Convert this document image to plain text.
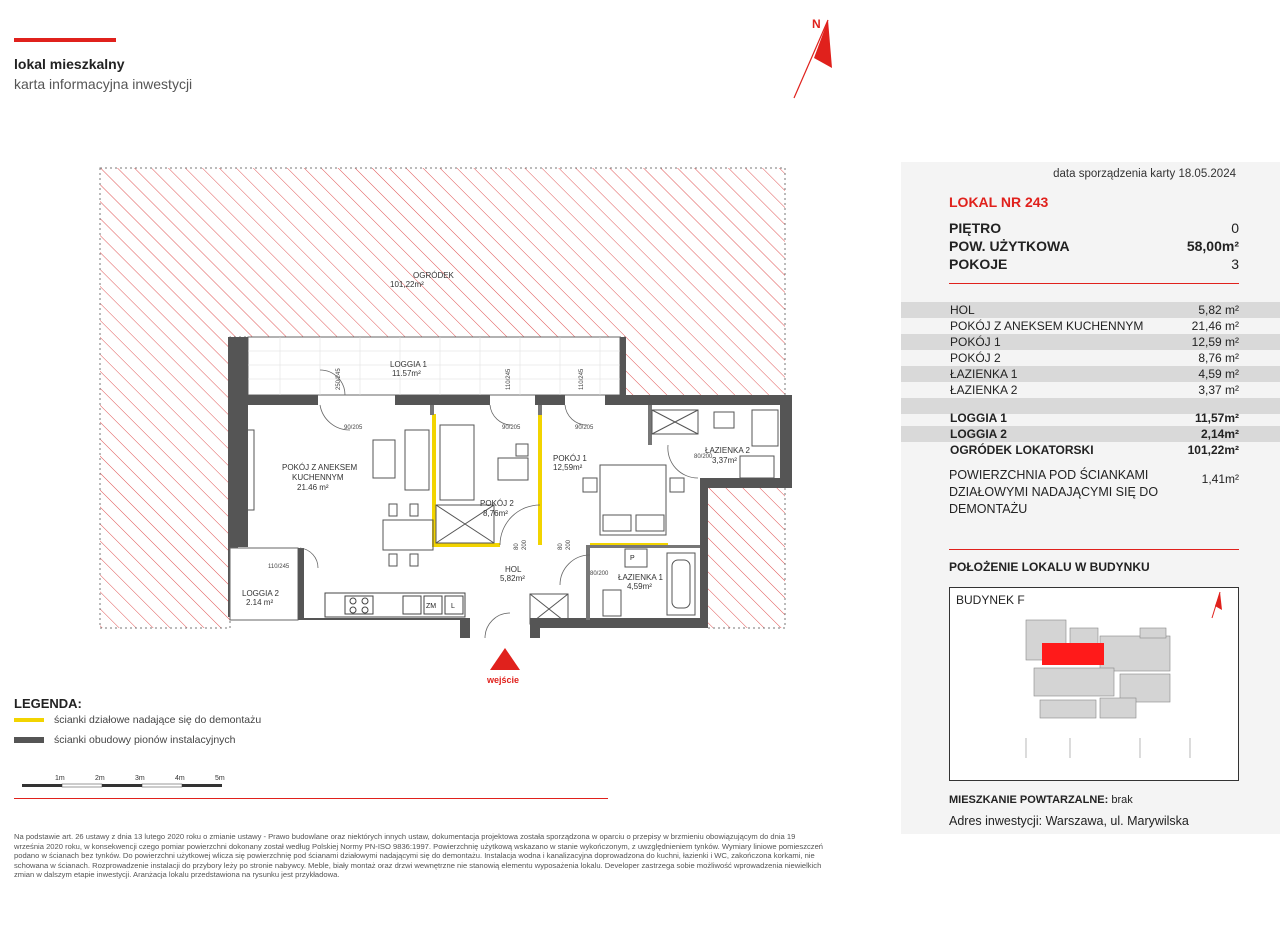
lokal mieszkalny
karta informacyjna inwestycji
N
OGRÓDEK
101,22m²
LOGGIA 1
11.57m²
LOGGIA 2
2.14 m²	ZM L
P
POKÓJ Z ANEKSEM
KUCHENNYM
21.46 m²
POKÓJ 2
8,76m²
POKÓJ 1
12,59m²
ŁAZIENKA 2
3,37m²
ŁAZIENKA 1
4,59m²
HOL
5,82m²	80/200
80/200
110/245
90/205	90/205	90/205
250/245	110/245	110/245
80 200	80 200
wejście
1m	2m	3m	4m	5m
LEGENDA:
ścianki działowe nadające się do demontażu
ścianki obudowy pionów instalacyjnych
Na podstawie art. 26 ustawy z dnia 13 lutego 2020 roku o zmianie ustawy - Prawo budowlane oraz niektórych innych ustaw, dokumentacja projektowa została sporządzona w oparciu o przepisy w brzmieniu obowiązującym do dnia 19 września 2020 roku, w konsekwencji czego pomiar powierzchni dokonany został według Polskiej Normy PN-ISO 9836:1997. Powierzchnię użytkową wskazano w stanie wykończonym, z uwzględnieniem tynków. Wymiary liniowe pomieszczeń podano w ścianach bez tynków. Do powierzchni użytkowej wlicza się powierzchnię pod ścianami działowymi nadającymi się do demontażu. Instalacja wodna i kanalizacyjna doprowadzona do kuchni, łazienki i WC, zakończona korkami, nie schowana w ścianach. Rozprowadzenie instalacji do przybory leży po stronie nabywcy. Meble, biały montaż oraz drzwi wewnętrzne nie stanowią elementu wyposażenia lokalu. Developer zastrzega sobie możliwość wprowadzenia niewielkich zmian w dalszym etapie inwestycji. Aranżacja lokalu przedstawiona na rysunku jest przykładowa.
data sporządzenia karty 18.05.2024
LOKAL NR 243
PIĘTRO	0
POW. UŻYTKOWA	58,00m²
POKOJE	3
HOL	5,82 m²
POKÓJ Z ANEKSEM KUCHENNYM	21,46 m²
POKÓJ 1	12,59 m²
POKÓJ 2	8,76 m²
ŁAZIENKA 1	4,59 m²
ŁAZIENKA 2	3,37 m²
LOGGIA 1	11,57m²
LOGGIA 2	2,14m²
OGRÓDEK LOKATORSKI	101,22m²
POWIERZCHNIA POD ŚCIANKAMI DZIAŁOWYMI NADAJĄCYMI SIĘ DO DEMONTAŻU
1,41m²
POŁOŻENIE LOKALU W BUDYNKU
BUDYNEK F
MIESZKANIE POWTARZALNE: brak
Adres inwestycji: Warszawa, ul. Marywilska
